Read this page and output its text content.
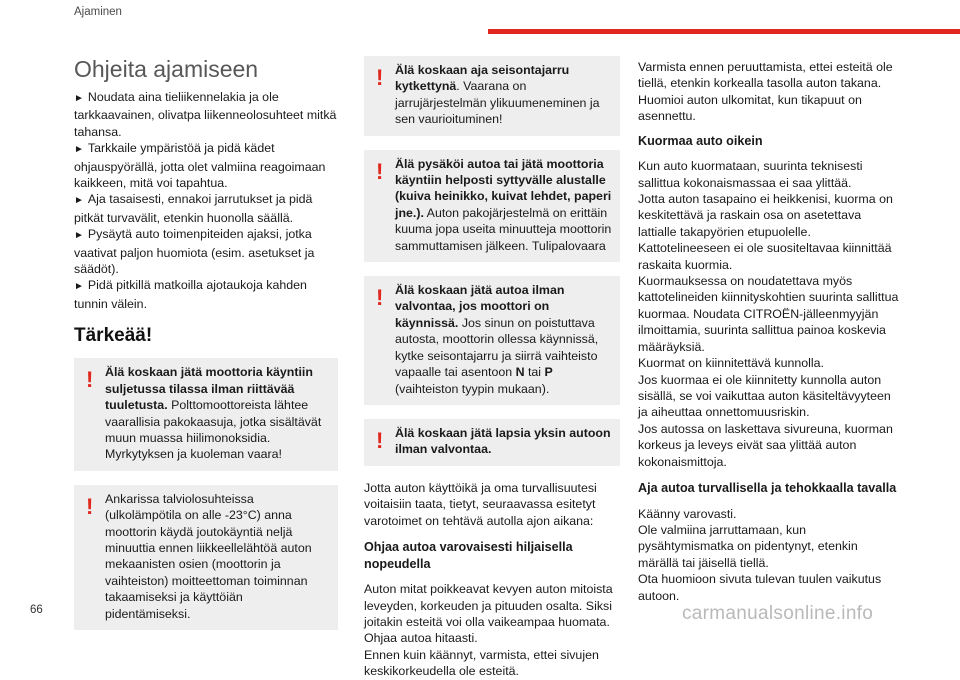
Ajaminen
Ohjeita ajamiseen
► Noudata aina tieliikennelakia ja ole tarkkaavainen, olivatpa liikenneolosuhteet mitkä tahansa.
► Tarkkaile ympäristöä ja pidä kädet ohjauspyörällä, jotta olet valmiina reagoimaan kaikkeen, mitä voi tapahtua.
► Aja tasaisesti, ennakoi jarrutukset ja pidä pitkät turvavälit, etenkin huonolla säällä.
► Pysäytä auto toimenpiteiden ajaksi, jotka vaativat paljon huomiota (esim. asetukset ja säädöt).
► Pidä pitkillä matkoilla ajotaukoja kahden tunnin välein.
Tärkeää!
! Älä koskaan jätä moottoria käyntiin suljetussa tilassa ilman riittävää tuuletusta. Polttomoottoreista lähtee vaarallisia pakokaasuja, jotka sisältävät muun muassa hiilimonoksidia. Myrkytyksen ja kuoleman vaara!
! Ankarissa talviolosuhteissa (ulkolämpötila on alle -23°C) anna moottorin käydä joutokäyntiä neljä minuuttia ennen liikkeellelähtöä auton mekaanisten osien (moottorin ja vaihteiston) moitteettoman toiminnan takaamiseksi ja käyttöiän pidentämiseksi.
! Älä koskaan aja seisontajarru kytkettynä. Vaarana on jarrujärjestelmän ylikuumeneminen ja sen vaurioituminen!
! Älä pysäköi autoa tai jätä moottoria käyntiin helposti syttyvälle alustalle (kuiva heinikko, kuivat lehdet, paperi jne.). Auton pakojärjestelmä on erittäin kuuma jopa useita minuutteja moottorin sammuttamisen jälkeen. Tulipalovaara
! Älä koskaan jätä autoa ilman valvontaa, jos moottori on käynnissä. Jos sinun on poistuttava autosta, moottorin ollessa käynnissä, kytke seisontajarru ja siirrä vaihteisto vapaalle tai asentoon N tai P (vaihteiston tyypin mukaan).
! Älä koskaan jätä lapsia yksin autoon ilman valvontaa.

Jotta auton käyttöikä ja oma turvallisuutesi voitaisiin taata, tietyt, seuraavassa esitetyt varotoimet on tehtävä autolla ajon aikana:

Ohjaa autoa varovaisesti hiljaisella nopeudella

Auton mitat poikkeavat kevyen auton mitoista leveyden, korkeuden ja pituuden osalta. Siksi joitakin esteitä voi olla vaikeampaa huomata.

Ohjaa autoa hitaasti.

Ennen kuin käännyt, varmista, ettei sivujen keskikorkeudella ole esteitä.

Varmista ennen peruuttamista, ettei esteitä ole tiellä, etenkin korkealla tasolla auton takana. Huomioi auton ulkomitat, kun tikapuut on asennettu.

Kuormaa auto oikein

Kun auto kuormataan, suurinta teknisesti sallittua kokonaismassaa ei saa ylittää.

Jotta auton tasapaino ei heikkenisi, kuorma on keskitettävä ja raskain osa on asetettava lattialle takapyörien etupuolelle.

Kattotelineeseen ei ole suositeltavaa kiinnittää raskaita kuormia.

Kuormauksessa on noudatettava myös kattotelineiden kiinnityskohtien suurinta sallittua kuormaa. Noudata CITROËN-jälleenmyyjän ilmoittamia, suurinta sallittua painoa koskevia määräyksiä.

Kuormat on kiinnitettävä kunnolla.

Jos kuormaa ei ole kiinnitetty kunnolla auton sisällä, se voi vaikuttaa auton käsiteltävyyteen ja aiheuttaa onnettomuusriskin.

Jos autossa on laskettava sivureuna, kuorman korkeus ja leveys eivät saa ylittää auton kokonaismittoja.

Aja autoa turvallisella ja tehokkaalla tavalla

Käänny varovasti.

Ole valmiina jarruttamaan, kun pysähtymismatka on pidentynyt, etenkin märällä tai jäisellä tiellä.

Ota huomioon sivuta tulevan tuulen vaikutus autoon.

66	carmanualsonline.info
